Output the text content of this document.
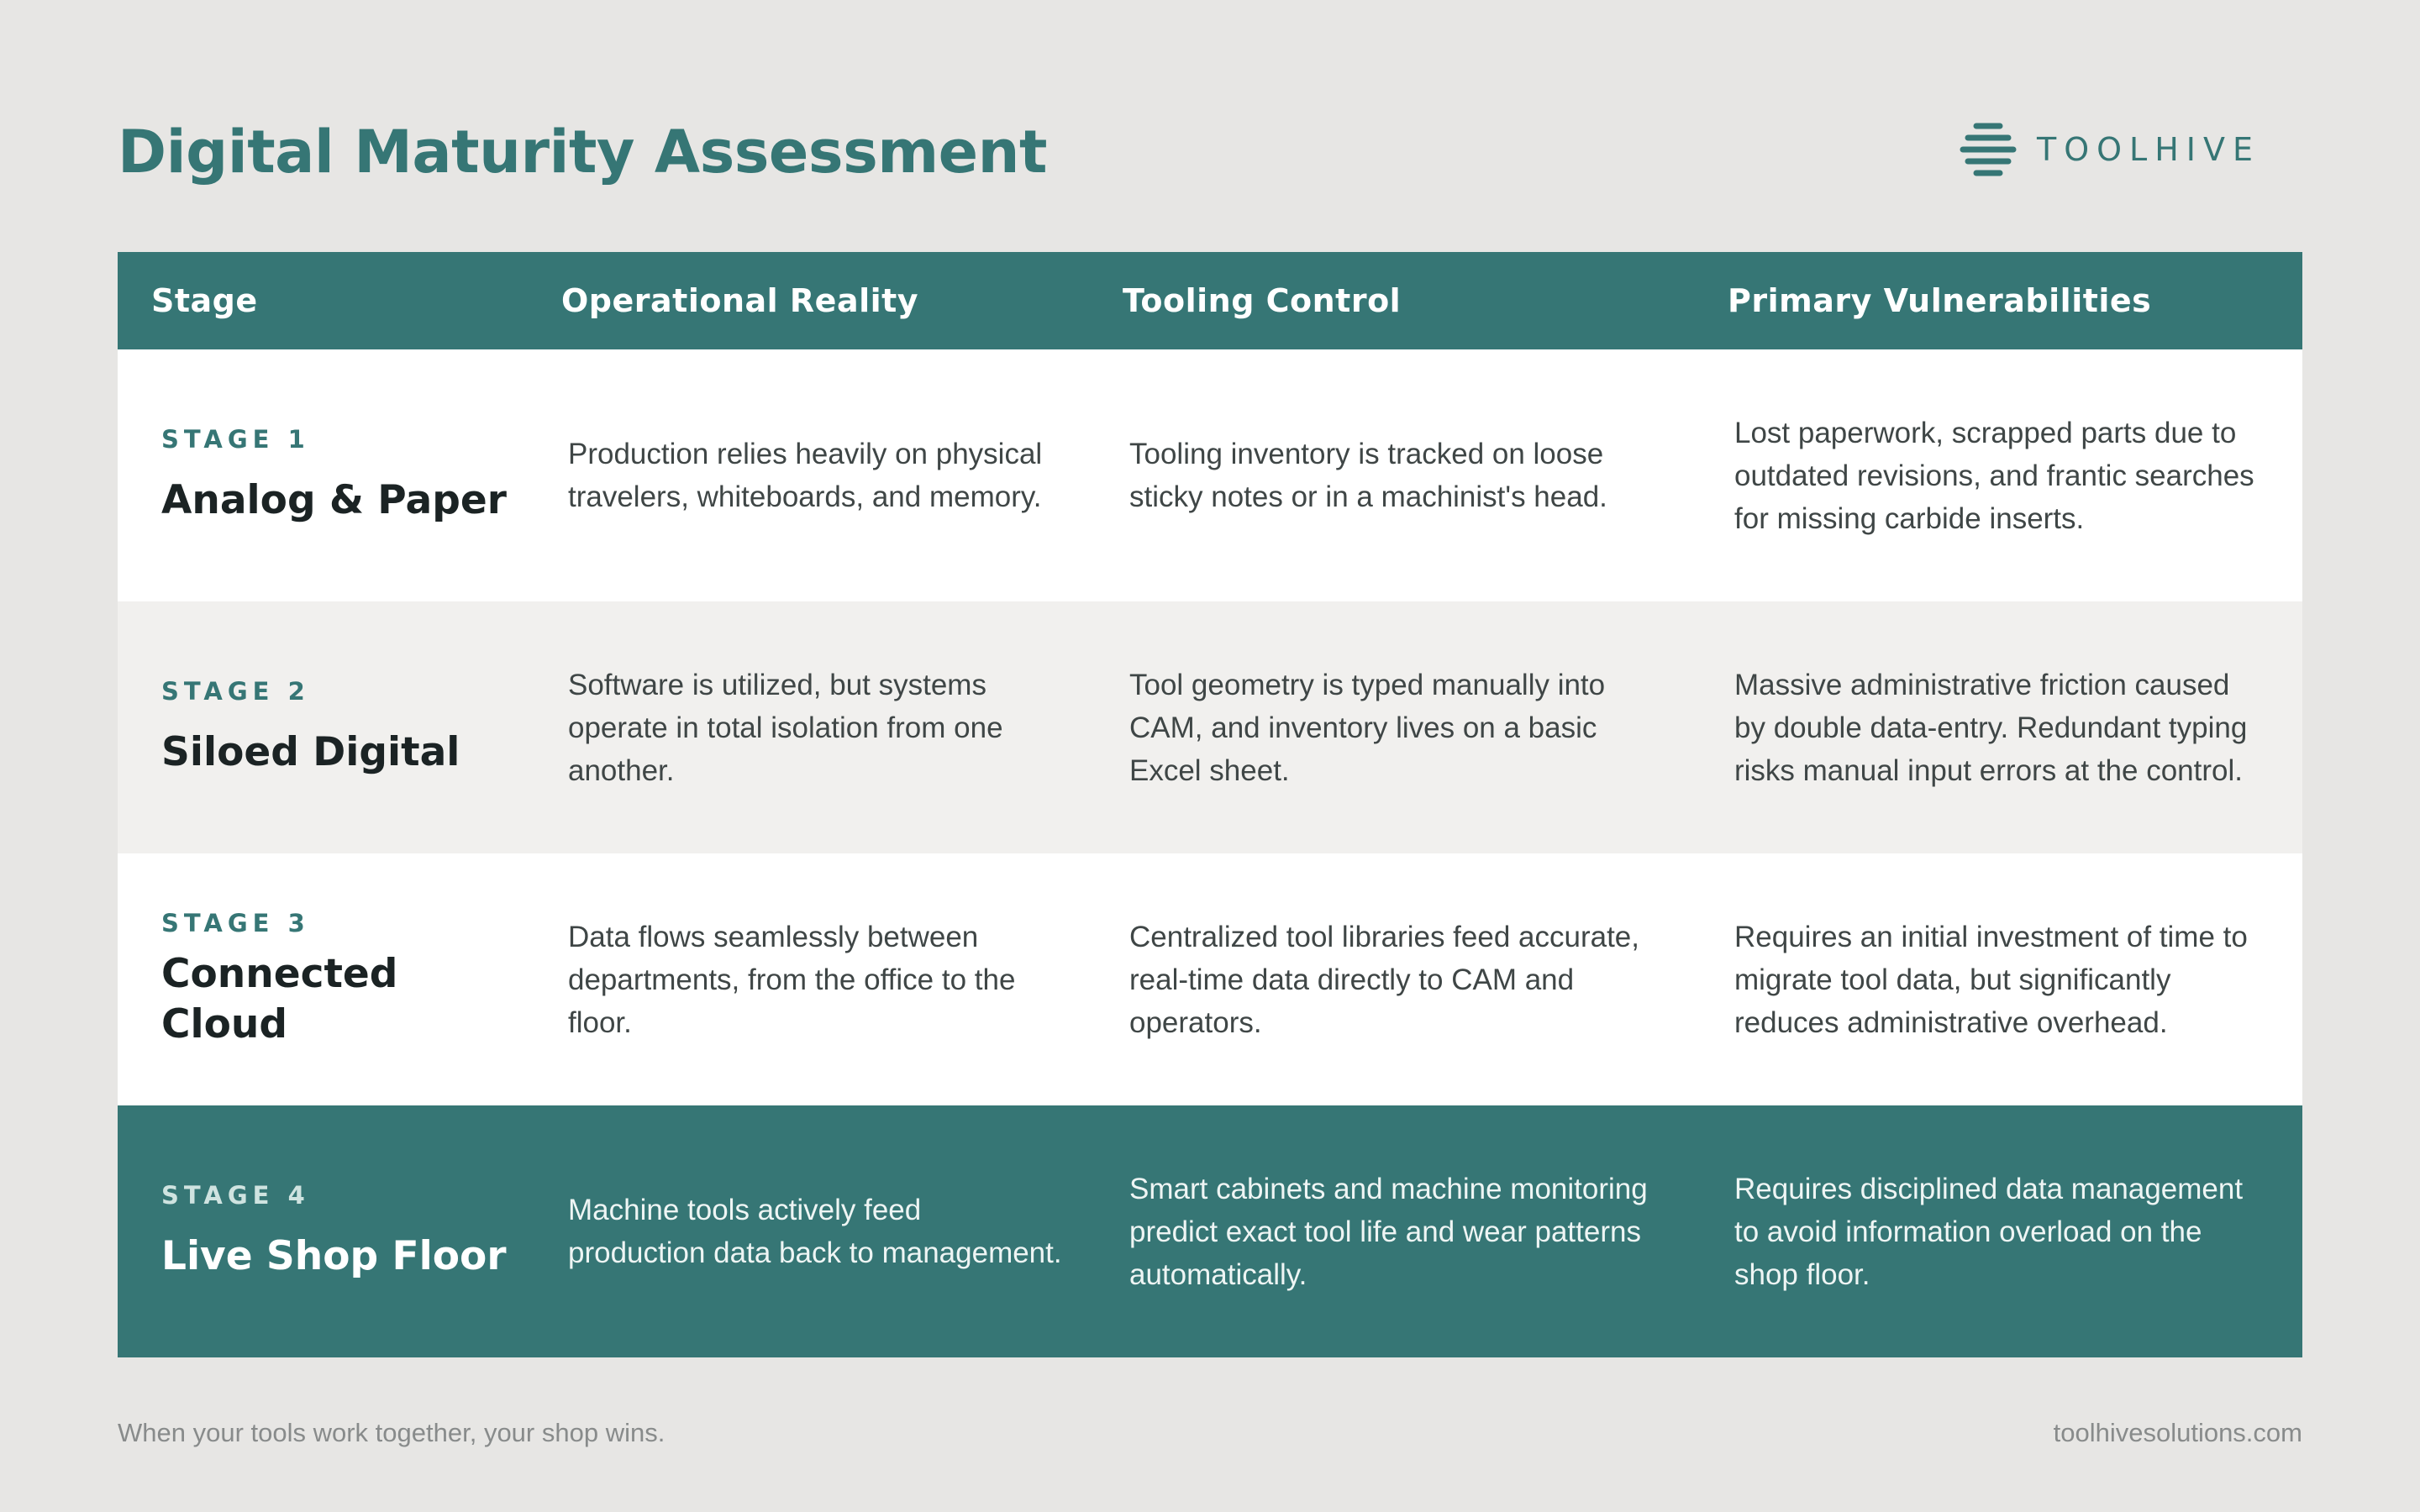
Digital Maturity Assessment	TOOLHIVE
Stage	Operational Reality	Tooling Control	Primary Vulnerabilities

STAGE 1
Analog & Paper	Production relies heavily on physical travelers, whiteboards, and memory.	Tooling inventory is tracked on loose sticky notes or in a machinist's head.	Lost paperwork, scrapped parts due to outdated revisions, and frantic searches for missing carbide inserts.

STAGE 2
Siloed Digital	Software is utilized, but systems operate in total isolation from one another.	Tool geometry is typed manually into CAM, and inventory lives on a basic Excel sheet.	Massive administrative friction caused by double data-entry. Redundant typing risks manual input errors at the control.

STAGE 3
Connected Cloud	Data flows seamlessly between departments, from the office to the floor.	Centralized tool libraries feed accurate, real-time data directly to CAM and operators.	Requires an initial investment of time to migrate tool data, but significantly reduces administrative overhead.

STAGE 4
Live Shop Floor	Machine tools actively feed production data back to management.	Smart cabinets and machine monitoring predict exact tool life and wear patterns automatically.	Requires disciplined data management to avoid information overload on the shop floor.
When your tools work together, your shop wins.	toolhivesolutions.com
